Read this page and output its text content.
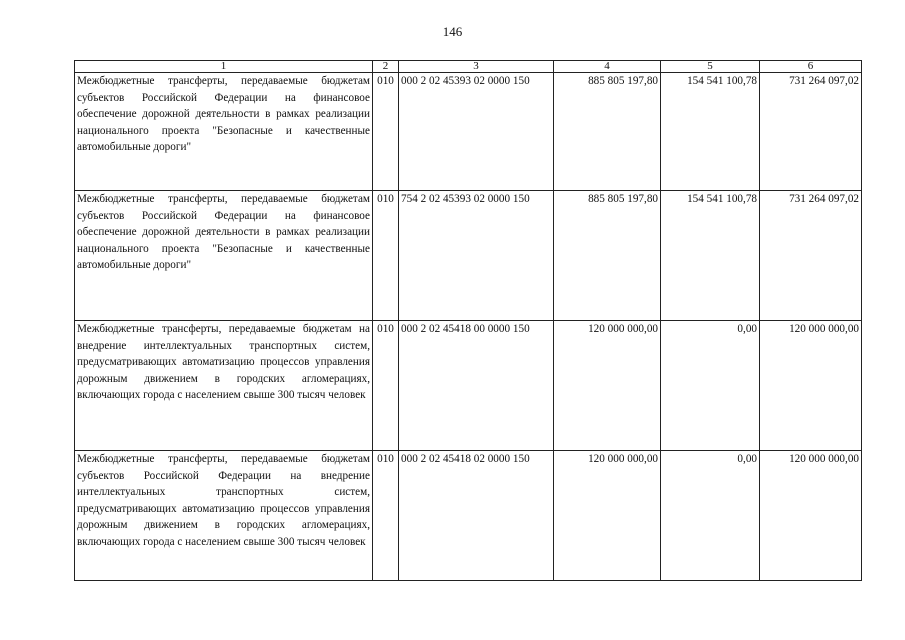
146
1	2	3	4	5	6
Межбюджетные трансферты, передаваемые бюджетам субъектов Российской Федерации на финансовое обеспечение дорожной деятельности в рамках реализации национального проекта "Безопасные и качественные автомобильные дороги"	010	000 2 02 45393 02 0000 150	885 805 197,80	154 541 100,78	731 264 097,02
Межбюджетные трансферты, передаваемые бюджетам субъектов Российской Федерации на финансовое обеспечение дорожной деятельности в рамках реализации национального проекта "Безопасные и качественные автомобильные дороги"	010	754 2 02 45393 02 0000 150	885 805 197,80	154 541 100,78	731 264 097,02
Межбюджетные трансферты, передаваемые бюджетам на внедрение интеллектуальных транспортных систем, предусматривающих автоматизацию процессов управления дорожным движением в городских агломерациях, включающих города с населением свыше 300 тысяч человек	010	000 2 02 45418 00 0000 150	120 000 000,00	0,00	120 000 000,00
Межбюджетные трансферты, передаваемые бюджетам субъектов Российской Федерации на внедрение интеллектуальных транспортных систем, предусматривающих автоматизацию процессов управления дорожным движением в городских агломерациях, включающих города с населением свыше 300 тысяч человек	010	000 2 02 45418 02 0000 150	120 000 000,00	0,00	120 000 000,00
